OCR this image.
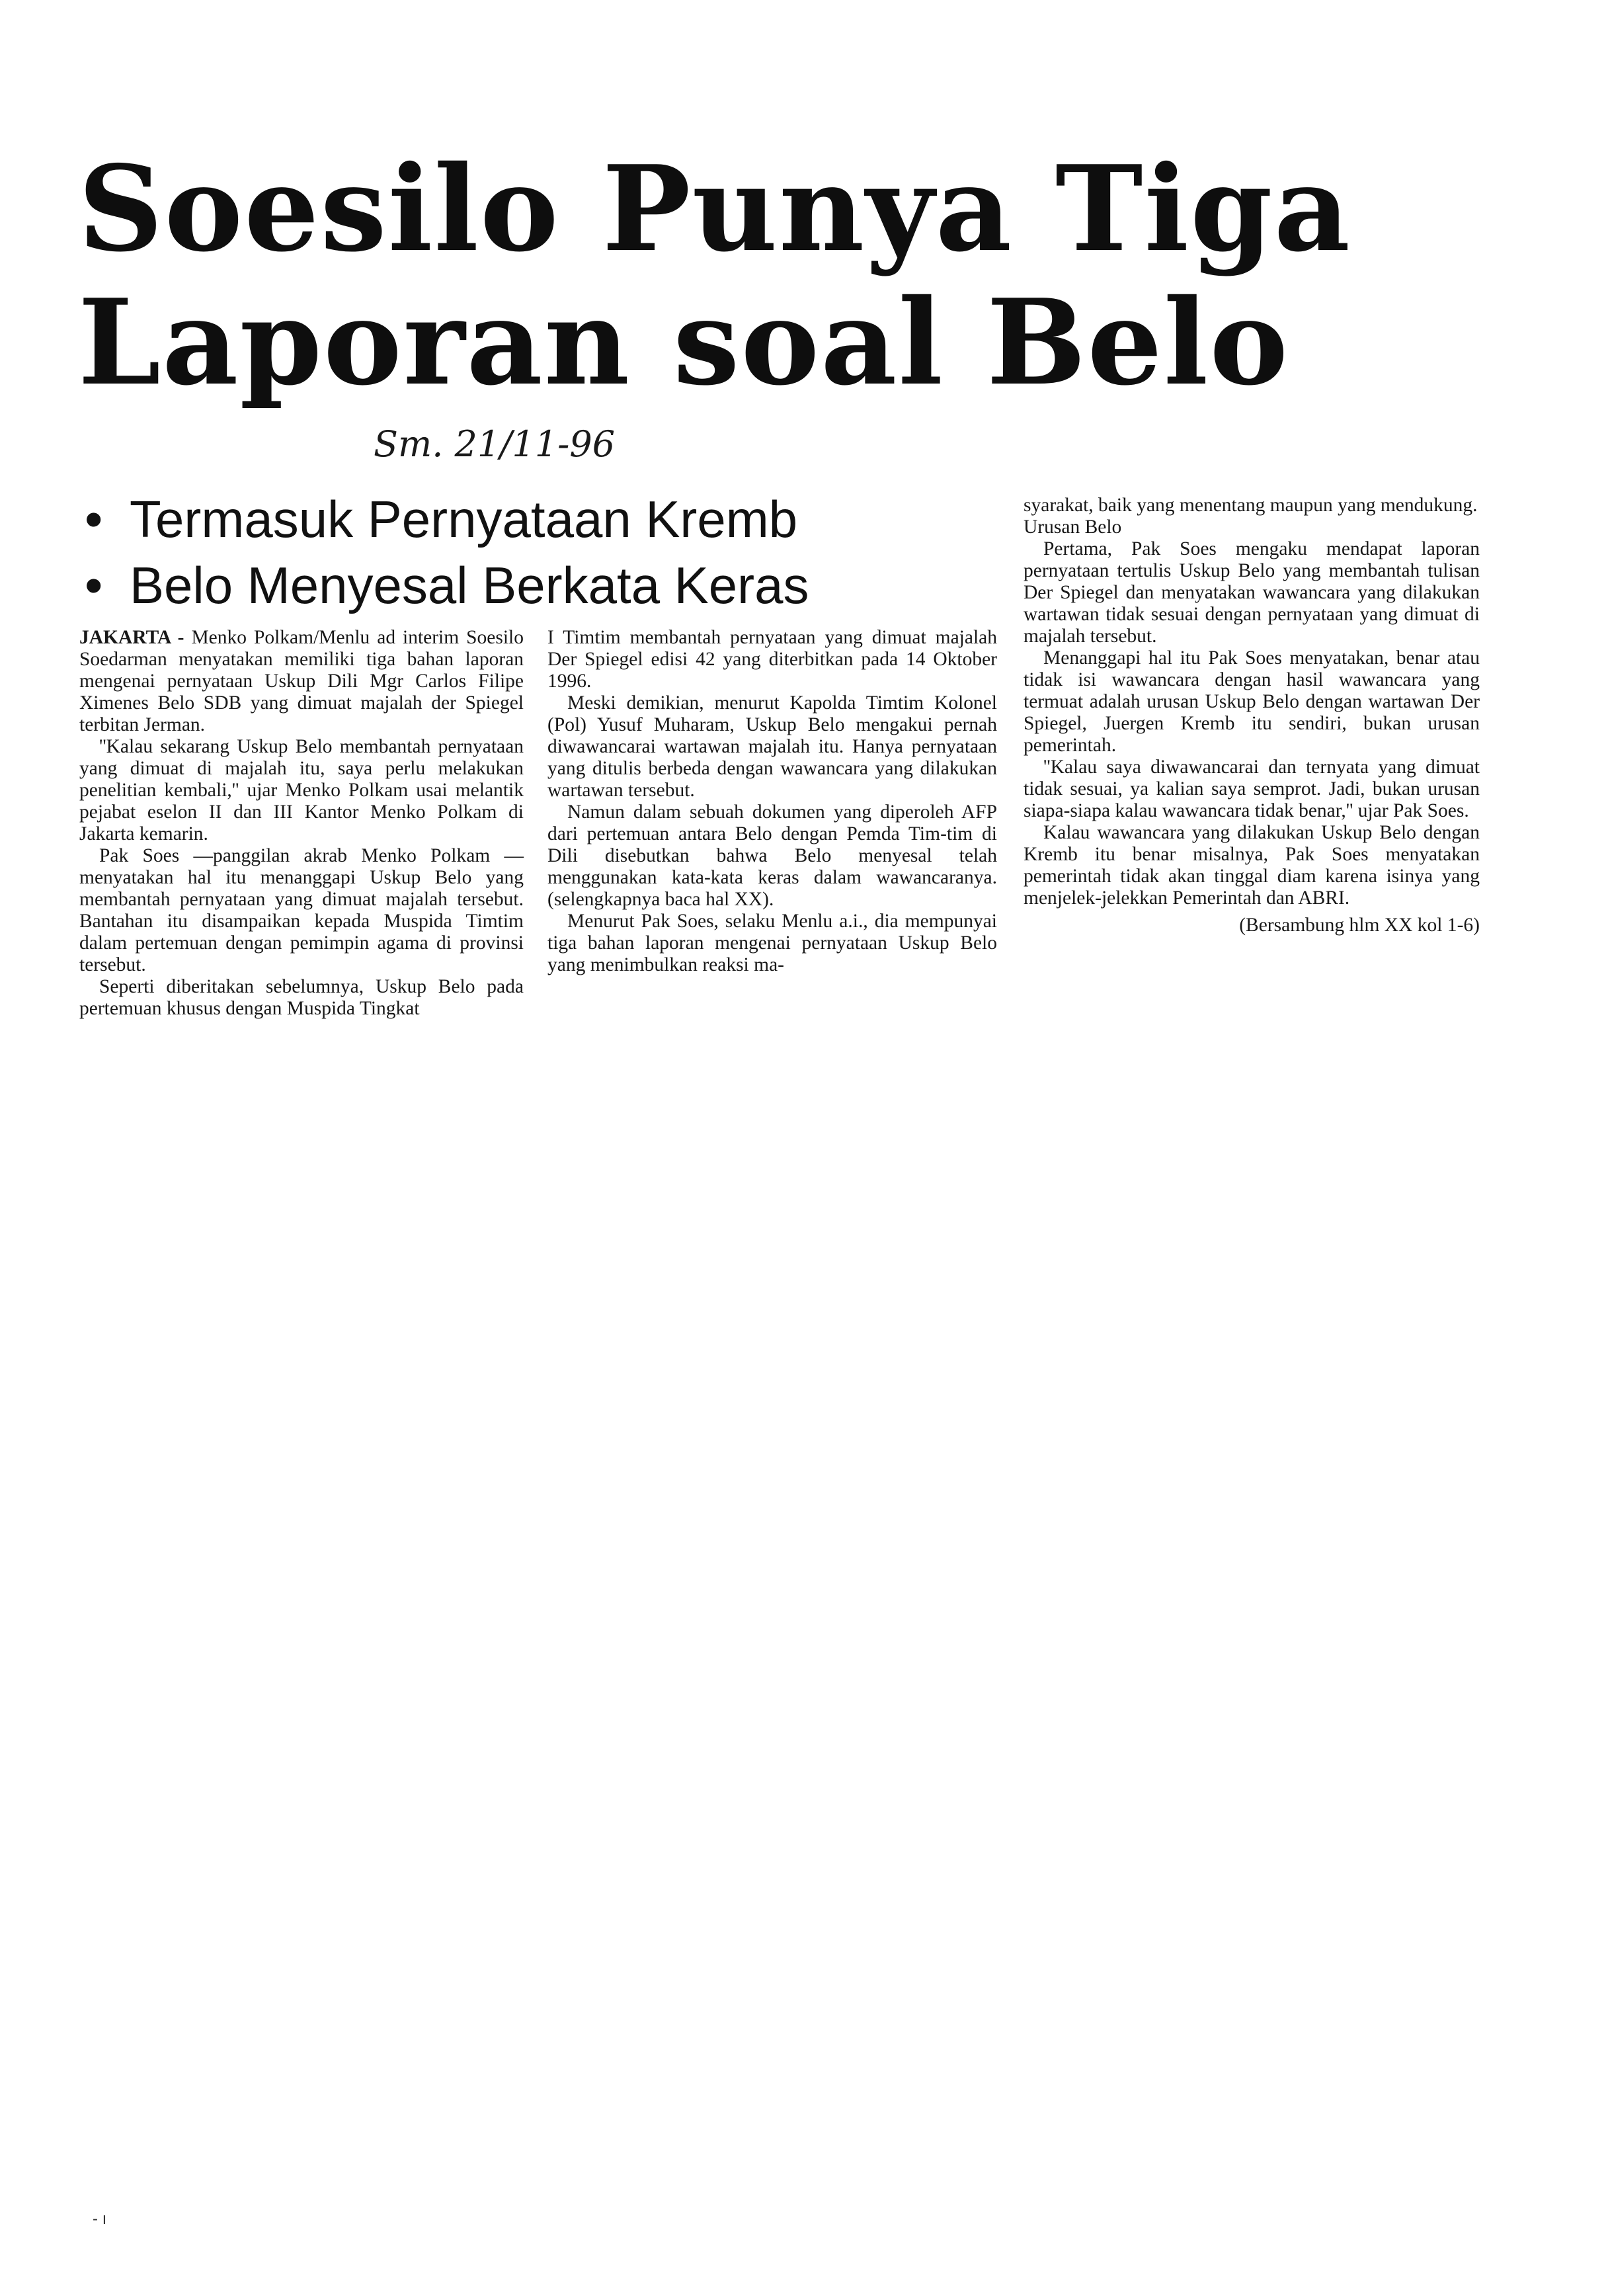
Soesilo Punya Tiga
Laporan soal Belo
Sm. 21/11-96
• Termasuk Pernyataan Kremb
• Belo Menyesal Berkata Keras

JAKARTA - Menko Polkam/Menlu ad interim Soesilo Soedarman menyatakan memiliki tiga bahan laporan mengenai pernyataan Uskup Dili Mgr Carlos Filipe Ximenes Belo SDB yang dimuat majalah der Spiegel terbitan Jerman.

''Kalau sekarang Uskup Belo membantah pernyataan yang dimuat di majalah itu, saya perlu melakukan penelitian kembali,'' ujar Menko Polkam usai melantik pejabat eselon II dan III Kantor Menko Polkam di Jakarta kemarin.

Pak Soes —panggilan akrab Menko Polkam — menyatakan hal itu menanggapi Uskup Belo yang membantah pernyataan yang dimuat majalah tersebut. Bantahan itu disampaikan kepada Muspida Timtim dalam pertemuan dengan pemimpin agama di provinsi tersebut.

Seperti diberitakan sebelumnya, Uskup Belo pada pertemuan khusus dengan Muspida Tingkat

I Timtim membantah pernyataan yang dimuat majalah Der Spiegel edisi 42 yang diterbitkan pada 14 Oktober 1996.

Meski demikian, menurut Kapolda Timtim Kolonel (Pol) Yusuf Muharam, Uskup Belo mengakui pernah diwawancarai wartawan majalah itu. Hanya pernyataan yang ditulis berbeda dengan wawancara yang dilakukan wartawan tersebut.

Namun dalam sebuah dokumen yang diperoleh AFP dari pertemuan antara Belo dengan Pemda Tim-tim di Dili disebutkan bahwa Belo menyesal telah menggunakan kata-kata keras dalam wawancaranya. (selengkapnya baca hal XX).

Menurut Pak Soes, selaku Menlu a.i., dia mempunyai tiga bahan laporan mengenai pernyataan Uskup Belo yang menimbulkan reaksi ma-

syarakat, baik yang menentang maupun yang mendukung.

Urusan Belo

Pertama, Pak Soes mengaku mendapat laporan pernyataan tertulis Uskup Belo yang membantah tulisan Der Spiegel dan menyatakan wawancara yang dilakukan wartawan tidak sesuai dengan pernyataan yang dimuat di majalah tersebut.

Menanggapi hal itu Pak Soes menyatakan, benar atau tidak isi wawancara dengan hasil wawancara yang termuat adalah urusan Uskup Belo dengan wartawan Der Spiegel, Juergen Kremb itu sendiri, bukan urusan pemerintah.

''Kalau saya diwawancarai dan ternyata yang dimuat tidak sesuai, ya kalian saya semprot. Jadi, bukan urusan siapa-siapa kalau wawancara tidak benar,'' ujar Pak Soes.

Kalau wawancara yang dilakukan Uskup Belo dengan Kremb itu benar misalnya, Pak Soes menyatakan pemerintah tidak akan tinggal diam karena isinya yang menjelek-jelekkan Pemerintah dan ABRI.

(Bersambung hlm XX kol 1-6)

‐ ı
